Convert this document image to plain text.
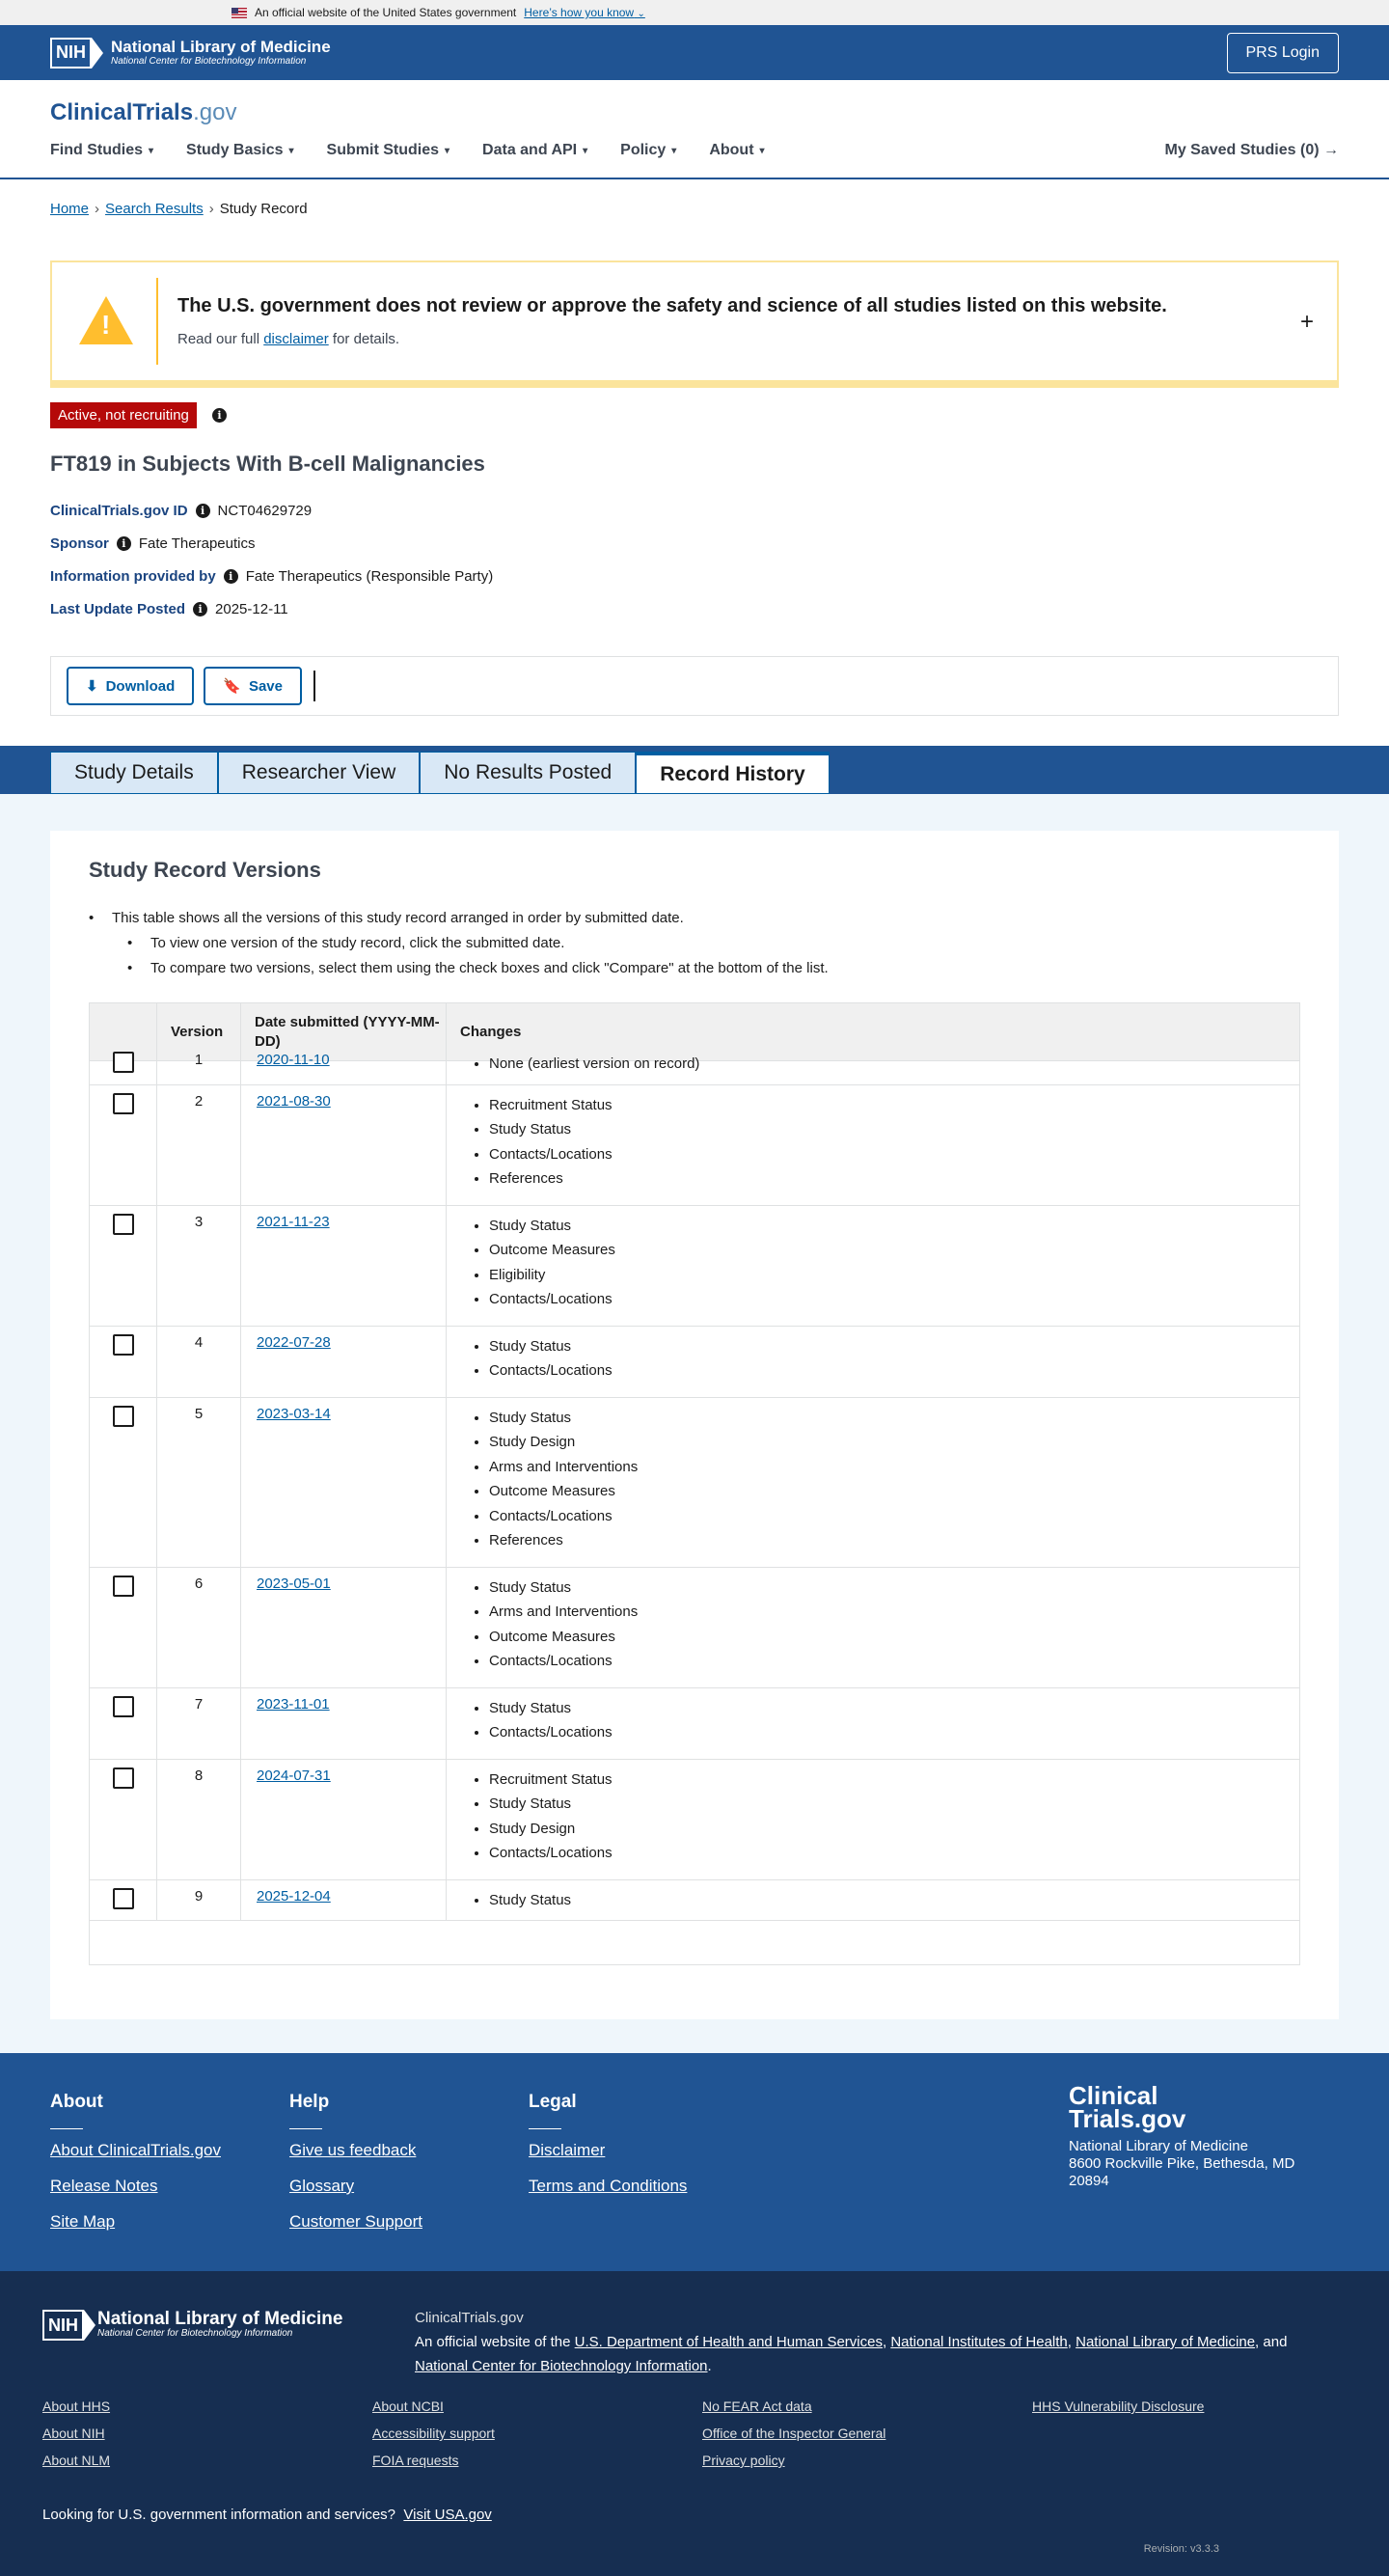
An official website of the United States government Here’s how you know ⌄
NIH	National Library of Medicine
National Center for Biotechnology Information
PRS Login
ClinicalTrials.gov
Find Studies ▾ Study Basics ▾ Submit Studies ▾ Data and API ▾ Policy ▾ About ▾	My Saved Studies (0) →
Home › Search Results › Study Record
!
The U.S. government does not review or approve the safety and science of all studies listed on this website.
Read our full disclaimer for details.
+
Active, not recruiting	i
FT819 in Subjects With B-cell Malignancies
ClinicalTrials.gov ID	i NCT04629729
Sponsor	i Fate Therapeutics
Information provided by	i Fate Therapeutics (Responsible Party)
Last Update Posted	i 2025-12-11
⬇ Download	🔖 Save
Study Details	Researcher View	No Results Posted	Record History
Study Record Versions
• This table shows all the versions of this study record arranged in order by submitted date.
• To view one version of the study record, click the submitted date.
• To compare two versions, select them using the check boxes and click "Compare" at the bottom of the list.
Version
Date submitted (YYYY-MM-DD)
Changes
1	2020-11-10	• None (earliest version on record)
2	2021-08-30	• Recruitment Status
• Study Status
• Contacts/Locations
• References
3	2021-11-23	• Study Status
• Outcome Measures
• Eligibility
• Contacts/Locations
4	2022-07-28	• Study Status
• Contacts/Locations
5	2023-03-14	• Study Status
• Study Design
• Arms and Interventions
• Outcome Measures
• Contacts/Locations
• References
6	2023-05-01	• Study Status
• Arms and Interventions
• Outcome Measures
• Contacts/Locations
7	2023-11-01	• Study Status
• Contacts/Locations
8	2024-07-31	• Recruitment Status
• Study Status
• Study Design
• Contacts/Locations
9	2025-12-04	• Study Status
About
About ClinicalTrials.gov
Release Notes
Site Map
Help
Give us feedback
Glossary
Customer Support
Legal
Disclaimer
Terms and Conditions
Clinical
Trials.gov
National Library of Medicine
8600 Rockville Pike, Bethesda, MD 20894
NIH	National Library of Medicine
National Center for Biotechnology Information
ClinicalTrials.gov
An official website of the U.S. Department of Health and Human Services, National Institutes of Health, National Library of Medicine, and National Center for Biotechnology Information.
About HHS
About NIH
About NLM
About NCBI
Accessibility support
FOIA requests
No FEAR Act data
Office of the Inspector General
Privacy policy
HHS Vulnerability Disclosure
Looking for U.S. government information and services? Visit USA.gov
Revision: v3.3.3
